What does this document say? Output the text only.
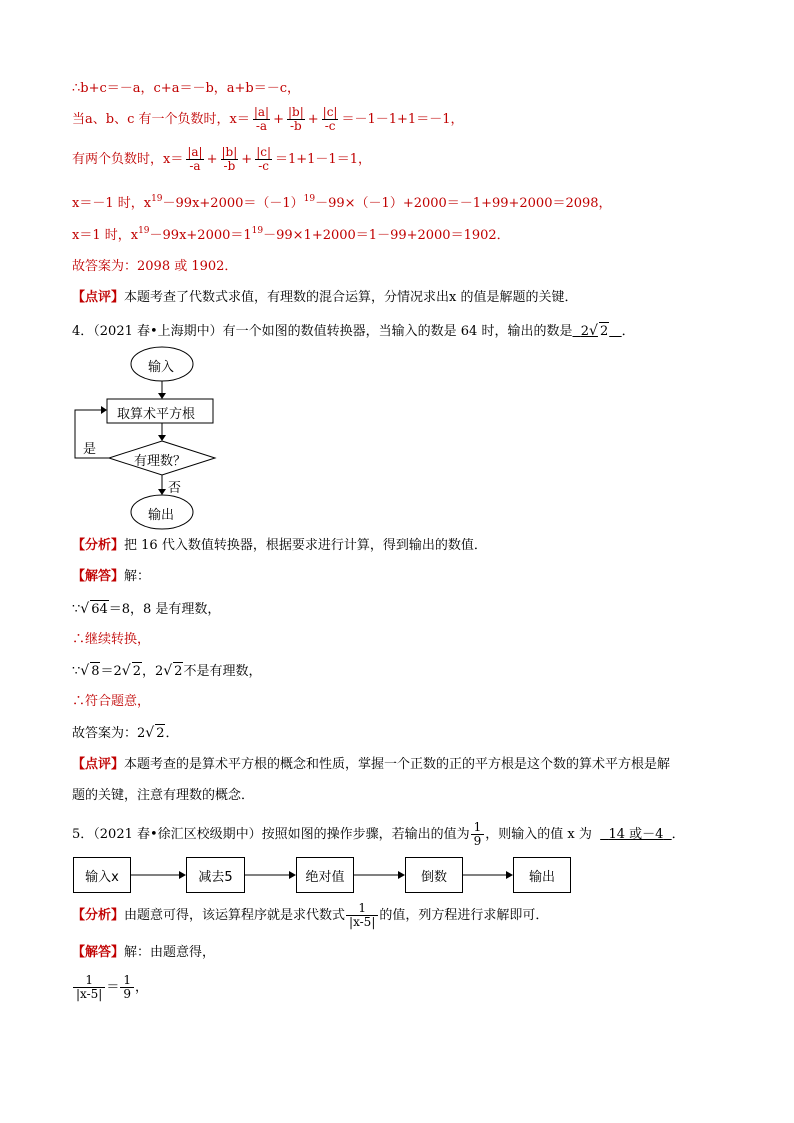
∴b+c＝－a，c+a＝－b，a+b＝－c，
当a、b、c 有一个负数时，$x= \frac{|a|}{-a} + \frac{|b|}{-b} + \frac{|c|}{-c} =-1-1+1=-1$，
有两个负数时，$x= \frac{|a|}{-a} + \frac{|b|}{-b} + \frac{|c|}{-c} =1+1-1=1$，
x＝－1 时，$x^{19}-99x+2000=(-1)^{19}-99\times(-1)+2000=-1+99+2000=2098$，
x＝1 时，$x^{19}-99x+2000=1^{19}-99\times 1+2000=1-99+2000=1902$．
故答案为：2098 或 1902．
【点评】本题考查了代数式求值，有理数的混合运算，分情况求出x 的值是解题的关键．
4．（2021 春•上海期中）有一个如图的数值转换器，当输入的数是 64 时，输出的数是 2√ 2 ．
输入
取算术平方根
有理数？
是
否
输出
【分析】把 16 代入数值转换器，根据要求进行计算，得到输出的数值．
【解答】解：
∵√ 64＝8，8 是有理数，
∴继续转换，
∵√ 8＝2√ 2，2√ 2不是有理数，
∴符合题意，
故答案为：2√ 2．
【点评】本题考查的是算术平方根的概念和性质，掌握一个正数的正的平方根是这个数的算术平方根是解
题的关键，注意有理数的概念．
5．（2021 春•徐汇区校级期中）按照如图的操作步骤，若输出的值为 $\frac{1}{9}$ ，则输入的值 x 为 14 或－4 ．
输入x	减去5	绝对值	倒数	输出
【分析】由题意可得，该运算程序就是求代数式 $\frac{1}{|x-5|}$ 的值，列方程进行求解即可．
【解答】解：由题意得，
$\frac{1}{|x-5|} = \frac{1}{9}$ ，
